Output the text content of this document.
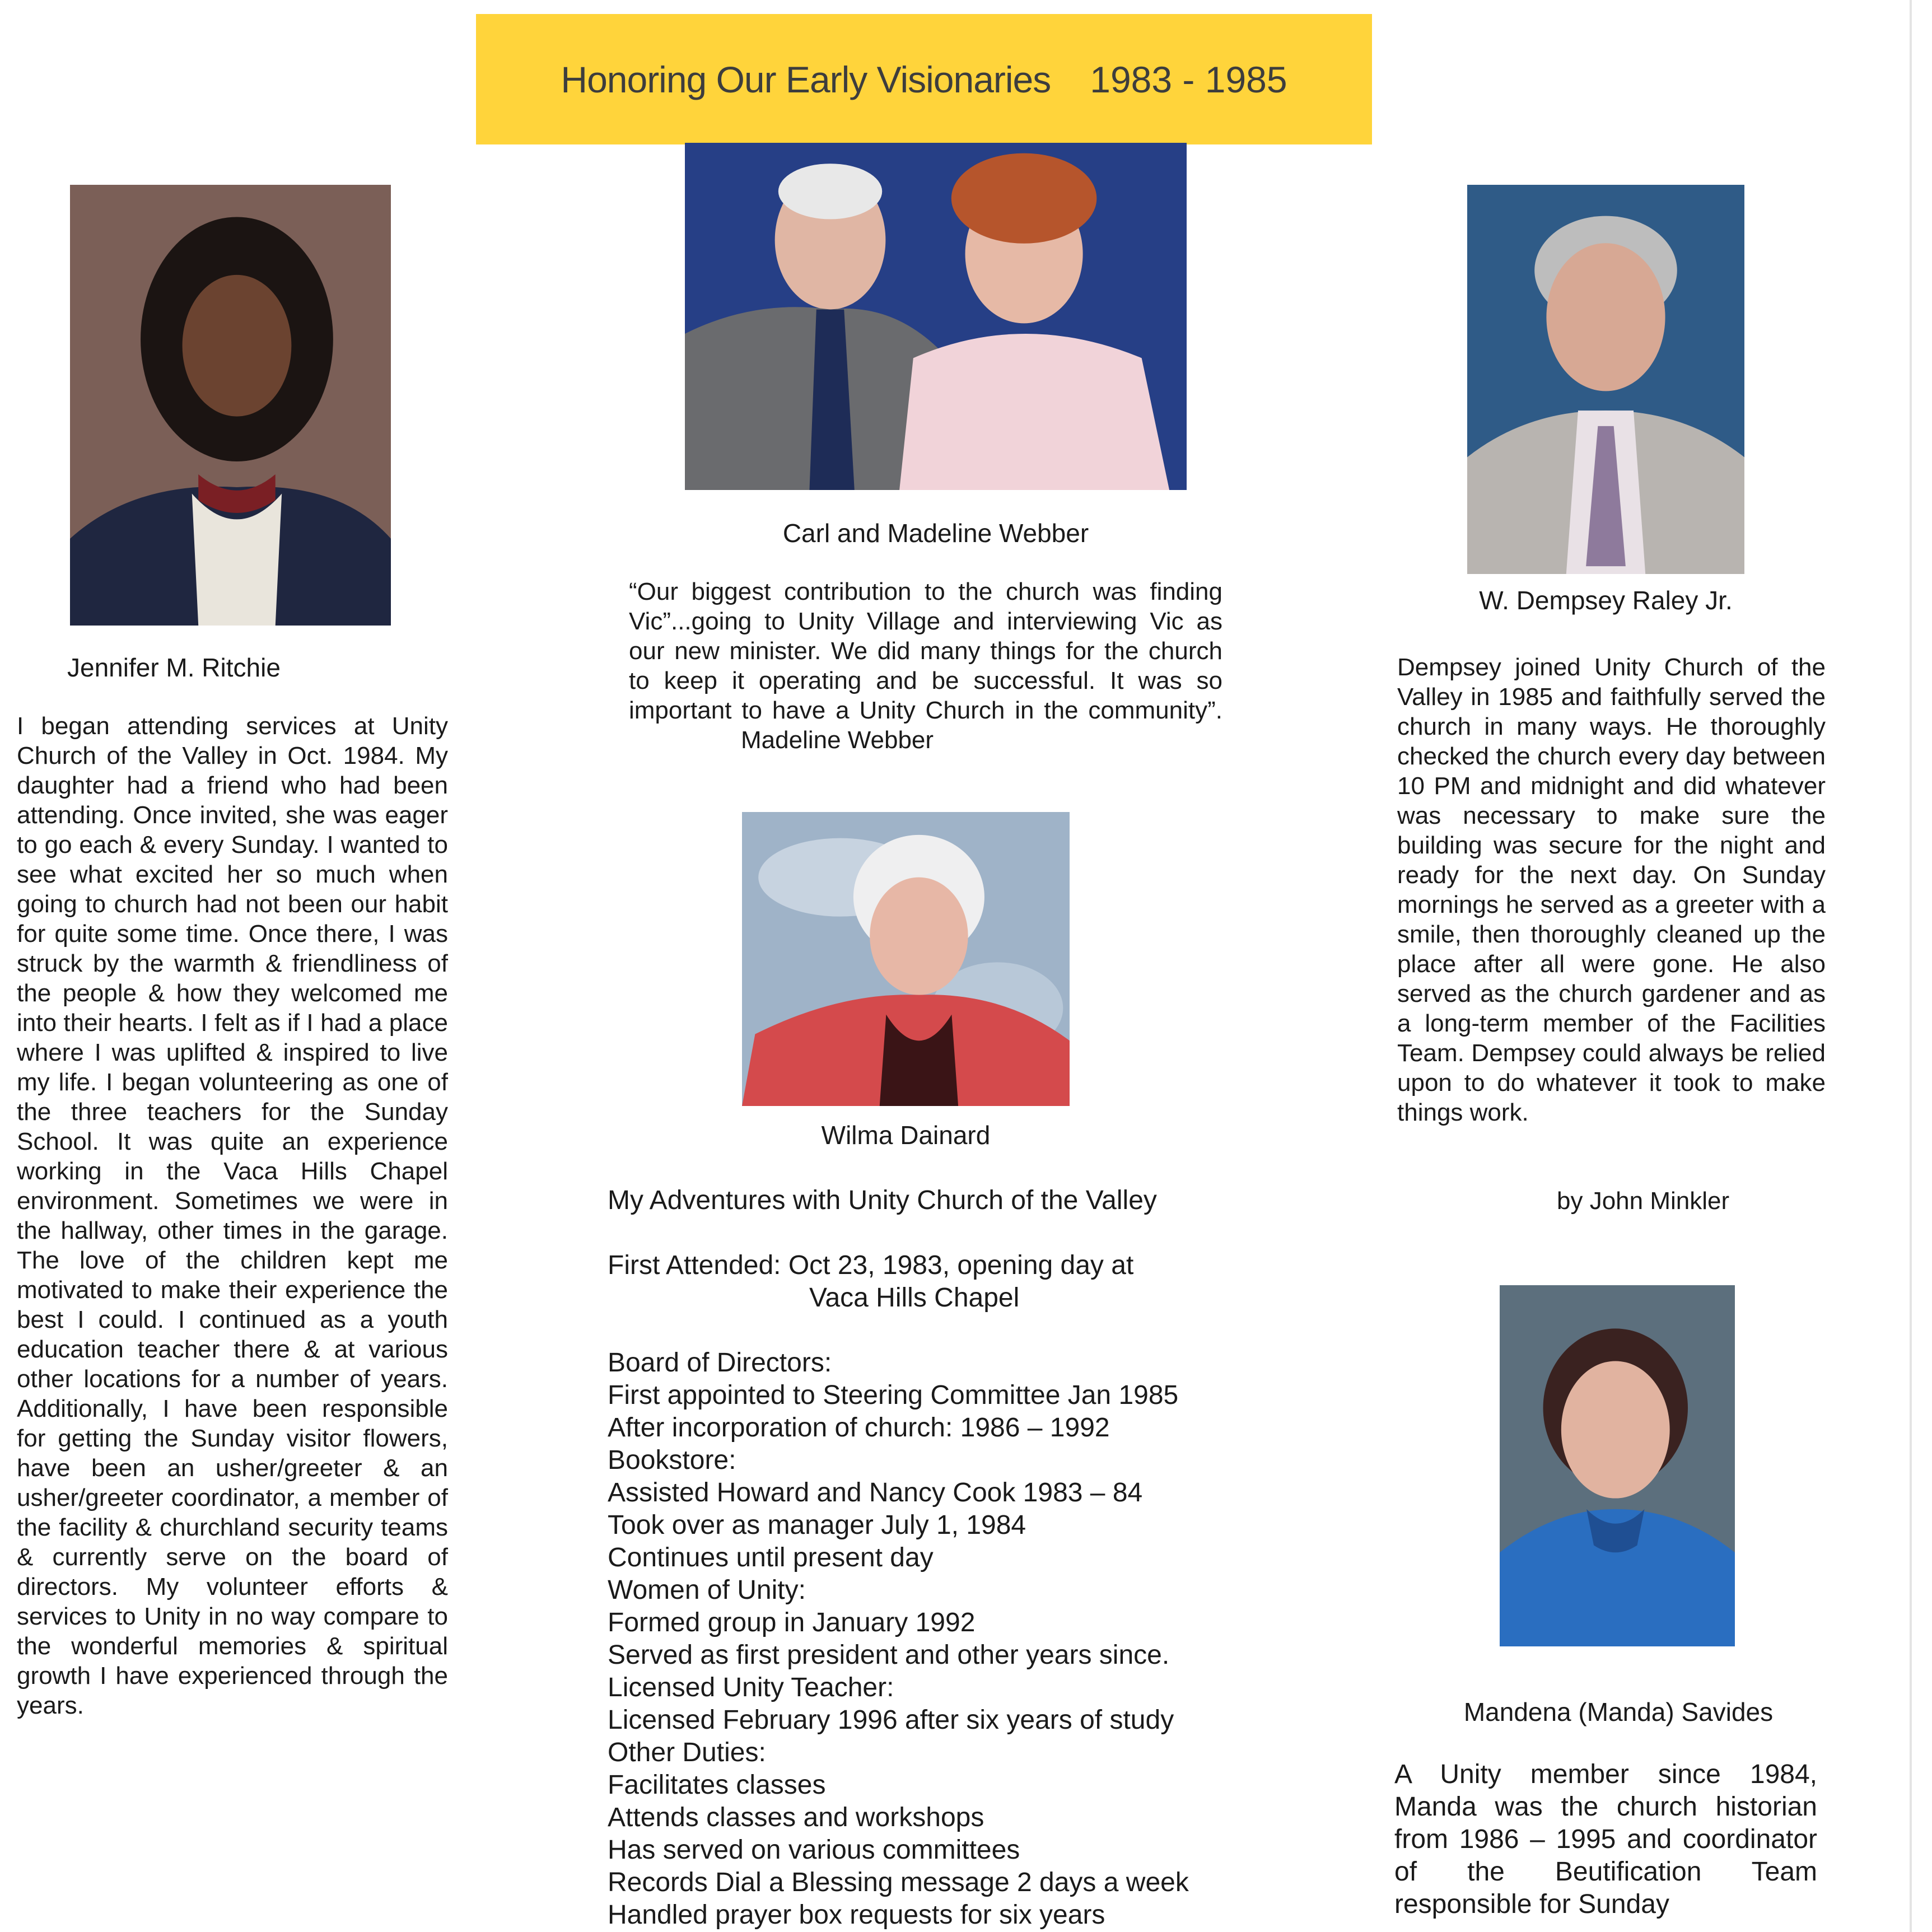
Honoring Our Early Visionaries 1983 - 1985
Jennifer M. Ritchie

I began attending services at Unity Church of the Valley in Oct. 1984. My daughter had a friend who had been attending. Once invited, she was eager to go each & every Sunday. I wanted to see what excited her so much when going to church had not been our habit for quite some time. Once there, I was struck by the warmth & friendliness of the people & how they welcomed me into their hearts. I felt as if I had a place where I was uplifted & inspired to live my life. I began volunteering as one of the three teachers for the Sunday School. It was quite an experience working in the Vaca Hills Chapel environment. Sometimes we were in the hallway, other times in the garage. The love of the children kept me motivated to make their experience the best I could. I continued as a youth education teacher there & at various other locations for a number of years. Additionally, I have been responsible for getting the Sunday visitor flowers, have been an usher/greeter & an usher/greeter coordinator, a member of the facility & churchland security teams & currently serve on the board of directors. My volunteer efforts & services to Unity in no way compare to the wonderful memories & spiritual growth I have experienced through the years.

Carl and Madeline Webber
“Our biggest contribution to the church was finding Vic”...going to Unity Village and interviewing Vic as our new minister. We did many things for the church to keep it operating and be successful. It was so important to have a Unity Church in the community”. Madeline Webber
Wilma Dainard
My Adventures with Unity Church of the Valley
First Attended: Oct 23, 1983, opening day at
Vaca Hills Chapel
Board of Directors:
First appointed to Steering Committee Jan 1985
After incorporation of church: 1986 – 1992
Bookstore:
Assisted Howard and Nancy Cook 1983 – 84
Took over as manager July 1, 1984
Continues until present day
Women of Unity:
Formed group in January 1992
Served as first president and other years since.
Licensed Unity Teacher:
Licensed February 1996 after six years of study
Other Duties:
Facilitates classes
Attends classes and workshops
Has served on various committees
Records Dial a Blessing message 2 days a week
Handled prayer box requests for six years
W. Dempsey Raley Jr.

Dempsey joined Unity Church of the Valley in 1985 and faithfully served the church in many ways. He thoroughly checked the church every day between 10 PM and midnight and did whatever was necessary to make sure the building was secure for the night and ready for the next day. On Sunday mornings he served as a greeter with a smile, then thoroughly cleaned up the place after all were gone. He also served as the church gardener and as a long-term member of the Facilities Team. Dempsey could always be relied upon to do whatever it took to make things work.

by John Minkler
Mandena (Manda) Savides

A Unity member since 1984, Manda was the church historian from 1986 – 1995 and coordinator of the Beutification Team responsible for Sunday
